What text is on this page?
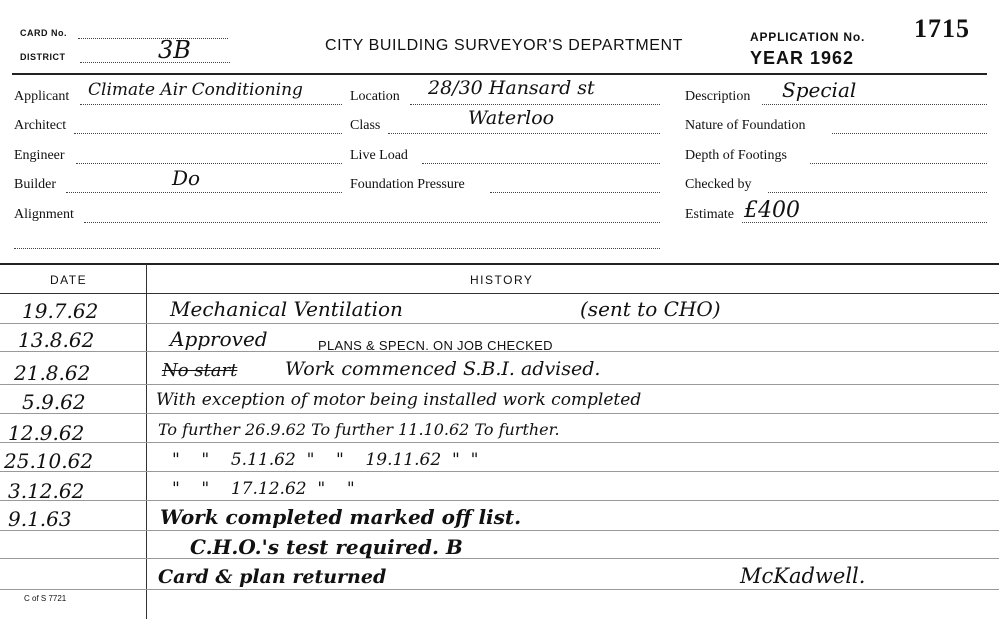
CARD No.
DISTRICT	3B	CITY BUILDING SURVEYOR'S DEPARTMENT	APPLICATION No. 1715
YEAR 1962
Applicant Climate Air Conditioning
Architect
Engineer
Builder	Do
Alignment
Location 28/30 Hansard st
Class	Waterloo
Live Load
Foundation Pressure
Description Special
Nature of Foundation
Depth of Footings
Checked by
Estimate £400
DATE	HISTORY
19.7.62	Mechanical Ventilation	(sent to CHO)
13.8.62	Approved	PLANS & SPECN. ON JOB CHECKED
21.8.62	No start	Work commenced S.B.I. advised.
5.9.62	With exception of motor being installed work completed
12.9.62	To further 26.9.62 To further 11.10.62 To further.
25.10.62	"    "    5.11.62  "    "    19.11.62  "  "
3.12.62	"    "    17.12.62  "    "
9.1.63	Work completed marked off list.
C.H.O.'s test required. B
Card & plan returned	McKadwell.
C of S 7721
